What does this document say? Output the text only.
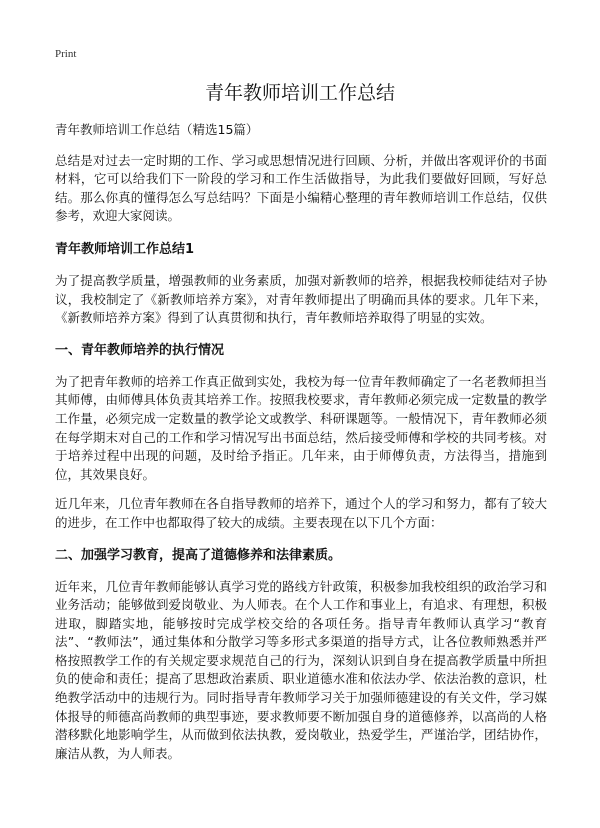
Print
青年教师培训工作总结

青年教师培训工作总结（精选15篇）

总结是对过去一定时期的工作、学习或思想情况进行回顾、分析，并做出客观评价的书面材料，它可以给我们下一阶段的学习和工作生活做指导，为此我们要做好回顾，写好总结。那么你真的懂得怎么写总结吗？下面是小编精心整理的青年教师培训工作总结，仅供参考，欢迎大家阅读。

青年教师培训工作总结1

为了提高教学质量，增强教师的业务素质，加强对新教师的培养，根据我校师徒结对子协议，我校制定了《新教师培养方案》，对青年教师提出了明确而具体的要求。几年下来，《新教师培养方案》得到了认真贯彻和执行，青年教师培养取得了明显的实效。

一、青年教师培养的执行情况

为了把青年教师的培养工作真正做到实处，我校为每一位青年教师确定了一名老教师担当其师傅，由师傅具体负责其培养工作。按照我校要求，青年教师必须完成一定数量的教学工作量，必须完成一定数量的教学论文或教学、科研课题等。一般情况下，青年教师必须在每学期末对自己的工作和学习情况写出书面总结，然后接受师傅和学校的共同考核。对于培养过程中出现的问题，及时给予指正。几年来，由于师傅负责，方法得当，措施到位，其效果良好。

近几年来，几位青年教师在各自指导教师的培养下，通过个人的学习和努力，都有了较大的进步，在工作中也都取得了较大的成绩。主要表现在以下几个方面：

二、加强学习教育，提高了道德修养和法律素质。

近年来，几位青年教师能够认真学习党的路线方针政策，积极参加我校组织的政治学习和业务活动；能够做到爱岗敬业、为人师表。在个人工作和事业上，有追求、有理想，积极进取，脚踏实地，能够按时完成学校交给的各项任务。指导青年教师认真学习“教育法”、“教师法”，通过集体和分散学习等多形式多渠道的指导方式，让各位教师熟悉并严格按照教学工作的有关规定要求规范自己的行为，深刻认识到自身在提高教学质量中所担负的使命和责任；提高了思想政治素质、职业道德水准和依法办学、依法治教的意识，杜绝教学活动中的违规行为。同时指导青年教师学习关于加强师德建设的有关文件，学习媒体报导的师德高尚教师的典型事迹，要求教师要不断加强自身的道德修养，以高尚的人格潜移默化地影响学生，从而做到依法执教，爱岗敬业，热爱学生，严谨治学，团结协作，廉洁从教，为人师表。
